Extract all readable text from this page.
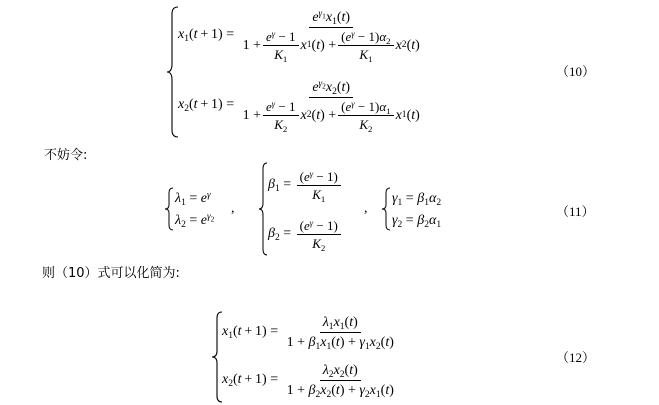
$x_1(t + 1)$ =
$e^{\gamma_1}x_1(t)$
$1 + \frac{e^\gamma - 1}{K_1}$ x 1 ( t ) + $\frac{(e^\gamma - 1)\alpha_2}{K_1}$ x 2 ( t )
$x_2(t + 1)$ =
$e^{\gamma_2}x_2(t)$
$1 + \frac{e^\gamma - 1}{K_2}$ x 2 ( t ) + $\frac{(e^\gamma - 1)\alpha_1}{K_2}$ x 1 ( t )
（10）
不妨令:
$\lambda_1 = e^\gamma$
$\lambda_2 = e^{\gamma_2}$
,
$\beta_1 = \frac{(e^\gamma - 1)}{K_1}$
$\beta_2 = \frac{(e^\gamma - 1)}{K_2}$
,
$\gamma_1 = \beta_1\alpha_2$
$\gamma_2 = \beta_2\alpha_1$
（11）
则（10）式可以化简为:
$x_1(t + 1) = \frac{\lambda_1x_1(t)}{1 + \beta_1x_1(t) + \gamma_1x_2(t)}$
$x_2(t + 1) = \frac{\lambda_2x_2(t)}{1 + \beta_2x_2(t) + \gamma_2x_1(t)}$
（12）
